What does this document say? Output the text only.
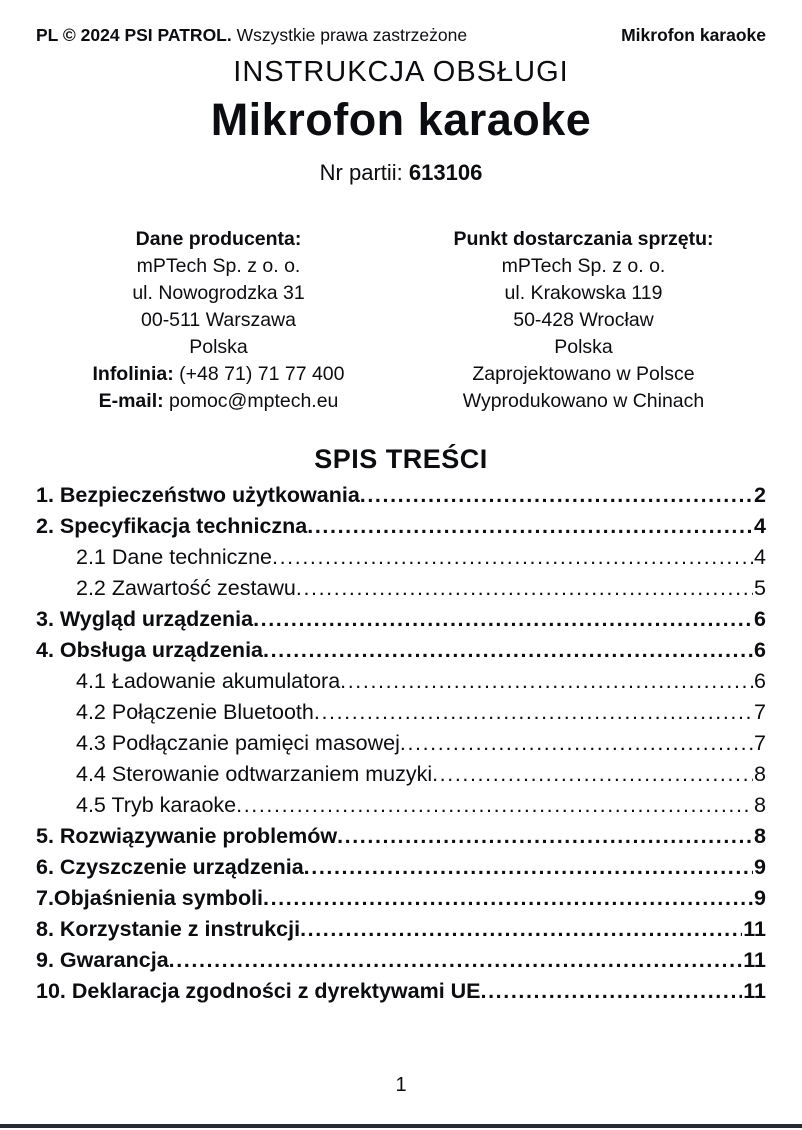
PL © 2024 PSI PATROL. Wszystkie prawa zastrzeżone	Mikrofon karaoke
INSTRUKCJA OBSŁUGI
Mikrofon karaoke
Nr partii: 613106
Dane producenta:
mPTech Sp. z o. o.
ul. Nowogrodzka 31
00-511 Warszawa
Polska
Infolinia: (+48 71) 71 77 400
E-mail: pomoc@mptech.eu
Punkt dostarczania sprzętu:
mPTech Sp. z o. o.
ul. Krakowska 119
50-428 Wrocław
Polska
Zaprojektowano w Polsce
Wyprodukowano w Chinach
SPIS TREŚCI
1. Bezpieczeństwo użytkowania .....	2
2. Specyfikacja techniczna .....	4
2.1 Dane techniczne .....	4
2.2 Zawartość zestawu .....	5
3. Wygląd urządzenia .....	6
4. Obsługa urządzenia .....	6
4.1 Ładowanie akumulatora .....	6
4.2 Połączenie Bluetooth .....	7
4.3 Podłączanie pamięci masowej .....	7
4.4 Sterowanie odtwarzaniem muzyki .....	8
4.5 Tryb karaoke .....	8
5. Rozwiązywanie problemów .....	8
6. Czyszczenie urządzenia .....	9
7.Objaśnienia symboli .....	9
8. Korzystanie z instrukcji .....	11
9. Gwarancja .....	11
10. Deklaracja zgodności z dyrektywami UE .....	11
1
